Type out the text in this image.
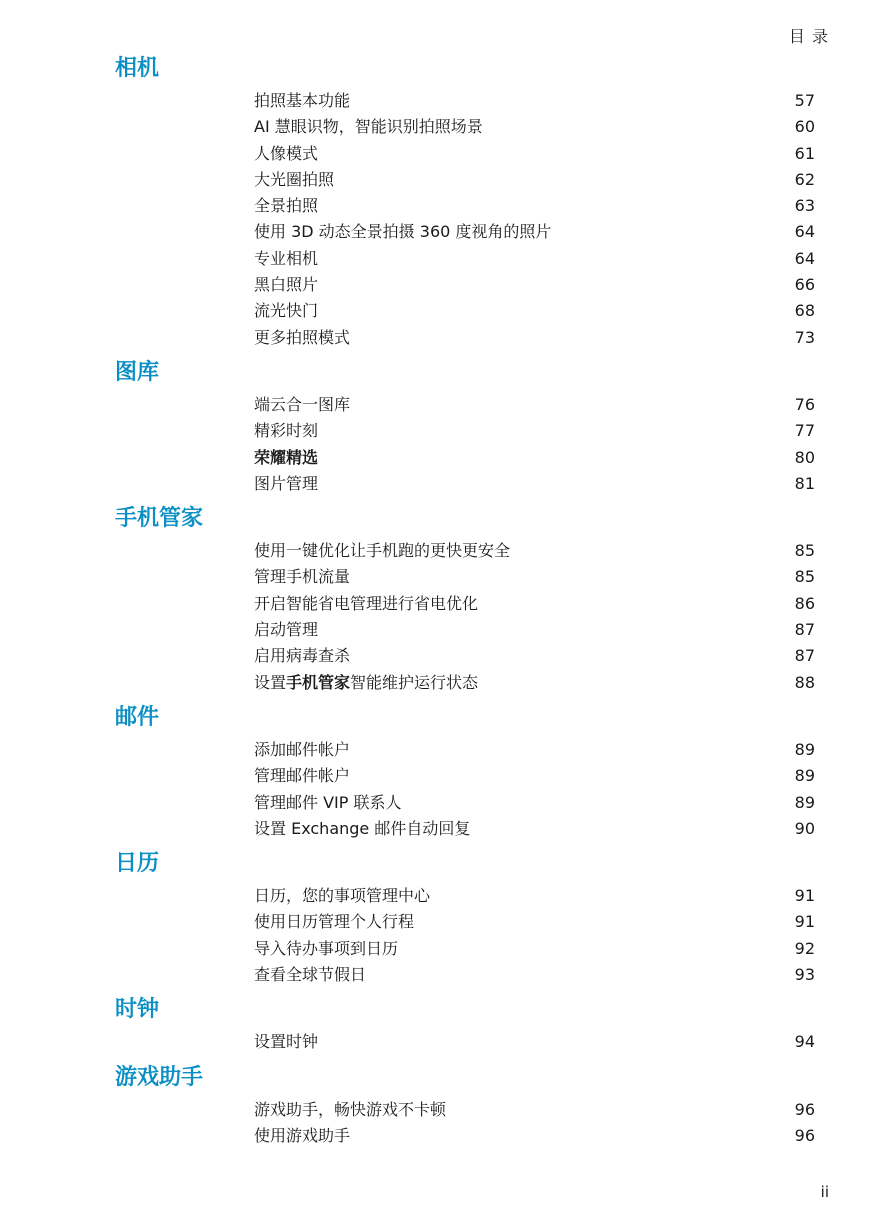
目 录
相机
拍照基本功能	57
AI 慧眼识物，智能识别拍照场景	60
人像模式	61
大光圈拍照	62
全景拍照	63
使用 3D 动态全景拍摄 360 度视角的照片	64
专业相机	64
黑白照片	66
流光快门	68
更多拍照模式	73
图库
端云合一图库	76
精彩时刻	77
荣耀精选	80
图片管理	81
手机管家
使用一键优化让手机跑的更快更安全	85
管理手机流量	85
开启智能省电管理进行省电优化	86
启动管理	87
启用病毒查杀	87
设置手机管家智能维护运行状态	88
邮件
添加邮件帐户	89
管理邮件帐户	89
管理邮件 VIP 联系人	89
设置 Exchange 邮件自动回复	90
日历
日历，您的事项管理中心	91
使用日历管理个人行程	91
导入待办事项到日历	92
查看全球节假日	93
时钟
设置时钟	94
游戏助手
游戏助手，畅快游戏不卡顿	96
使用游戏助手	96
ii
